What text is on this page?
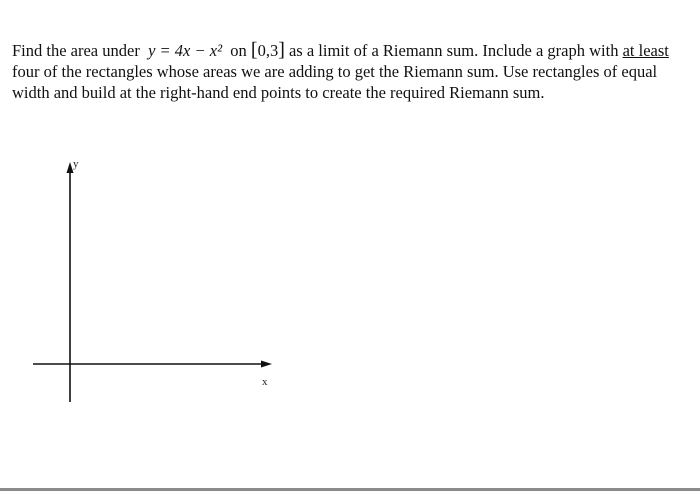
Find the area under y = 4x − x² on [0,3] as a limit of a Riemann sum. Include a graph with at least four of the rectangles whose areas we are adding to get the Riemann sum. Use rectangles of equal width and build at the right-hand end points to create the required Riemann sum.

y
x
